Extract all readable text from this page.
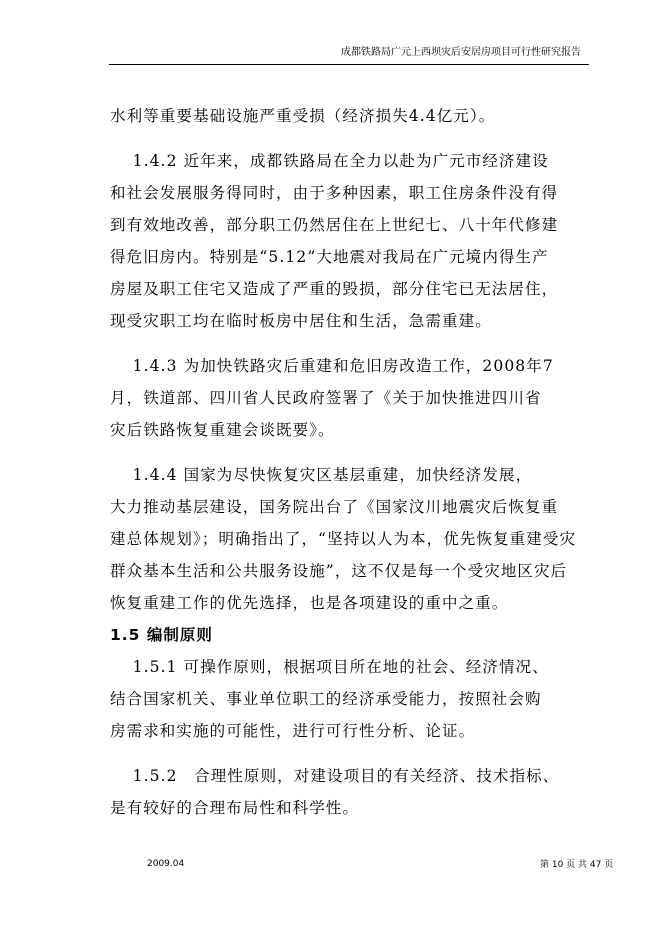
成都铁路局广元上西坝灾后安居房项目可行性研究报告
水利等重要基础设施严重受损（经济损失4.4亿元）。
　 1.4.2 近年来，成都铁路局在全力以赴为广元市经济建设
和社会发展服务得同时，由于多种因素，职工住房条件没有得
到有效地改善，部分职工仍然居住在上世纪七、八十年代修建
得危旧房内。特别是“5.12”大地震对我局在广元境内得生产
房屋及职工住宅又造成了严重的毁损，部分住宅已无法居住，
现受灾职工均在临时板房中居住和生活，急需重建。
　 1.4.3 为加快铁路灾后重建和危旧房改造工作，2008年7
月，铁道部、四川省人民政府签署了《关于加快推进四川省
灾后铁路恢复重建会谈既要》。
　 1.4.4 国家为尽快恢复灾区基层重建，加快经济发展，
大力推动基层建设，国务院出台了《国家汶川地震灾后恢复重
建总体规划》；明确指出了，“坚持以人为本，优先恢复重建受灾
群众基本生活和公共服务设施”，这不仅是每一个受灾地区灾后
恢复重建工作的优先选择，也是各项建设的重中之重。
1.5 编制原则
　 1.5.1 可操作原则，根据项目所在地的社会、经济情况、
结合国家机关、事业单位职工的经济承受能力，按照社会购
房需求和实施的可能性，进行可行性分析、论证。
　 1.5.2　合理性原则，对建设项目的有关经济、技术指标、
是有较好的合理布局性和科学性。
2009.04	第 10 页 共 47 页
